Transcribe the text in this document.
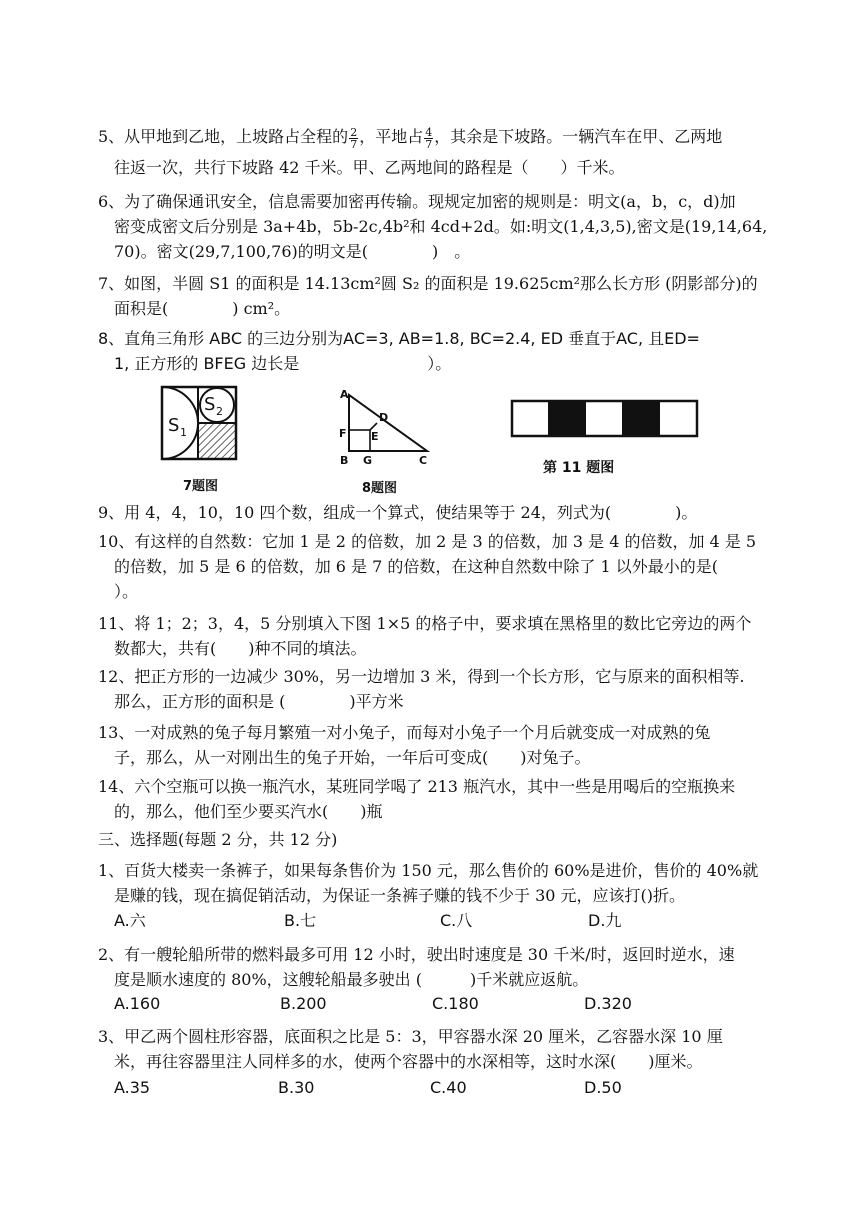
5、从甲地到乙地，上坡路占全程的 $\frac{2}{7}$ ，平地占 $\frac{4}{7}$ ，其余是下坡路。一辆汽车在甲、乙两地
往返一次，共行下坡路 42 千米。甲、乙两地间的路程是（　　）千米。
6、为了确保通讯安全，信息需要加密再传输。现规定加密的规则是：明文(a，b，c，d)加
密变成密文后分别是 3a+4b，5b-2c,4b²和 4cd+2d。如:明文(1,4,3,5),密文是(19,14,64,
70)。密文(29,7,100,76)的明文是(　　　　)　。
7、如图，半圆 S1 的面积是 14.13cm²圆 S₂ 的面积是 19.625cm²那么长方形 (阴影部分)的
面积是(　　　　) cm²。
8、直角三角形 ABC 的三边分别为AC=3, AB=1.8, BC=2.4, ED 垂直于AC, 且ED=
1, 正方形的 BFEG 边长是　　　　　　　　）。
S 1
S 2
7题图
A
D
F E
B G	C
8题图
第 11 题图
9、用 4，4，10，10 四个数，组成一个算式，使结果等于 24，列式为(　　　　)。
10、有这样的自然数：它加 1 是 2 的倍数，加 2 是 3 的倍数，加 3 是 4 的倍数，加 4 是 5
的倍数，加 5 是 6 的倍数，加 6 是 7 的倍数，在这种自然数中除了 1 以外最小的是(
）。
11、将 1；2；3，4，5 分别填入下图 1×5 的格子中，要求填在黑格里的数比它旁边的两个
数都大，共有(　　)种不同的填法。
12、把正方形的一边减少 30%，另一边增加 3 米，得到一个长方形，它与原来的面积相等.
那么，正方形的面积是 (　　　　)平方米
13、一对成熟的兔子每月繁殖一对小兔子，而每对小兔子一个月后就变成一对成熟的兔
子，那么，从一对刚出生的兔子开始，一年后可变成(　　)对兔子。
14、六个空瓶可以换一瓶汽水，某班同学喝了 213 瓶汽水，其中一些是用喝后的空瓶换来
的，那么，他们至少要买汽水(　　)瓶
三、选择题(每题 2 分，共 12 分)
1、百货大楼卖一条裤子，如果每条售价为 150 元，那么售价的 60%是进价，售价的 40%就
是赚的钱，现在搞促销活动，为保证一条裤子赚的钱不少于 30 元，应该打()折。
A.六	B.七	C.八	D.九
2、有一艘轮船所带的燃料最多可用 12 小时，驶出时速度是 30 千米/时，返回时逆水，速
度是顺水速度的 80%，这艘轮船最多驶出 (　　　)千米就应返航。
A.160	B.200	C.180	D.320
3、甲乙两个圆柱形容器，底面积之比是 5：3，甲容器水深 20 厘米，乙容器水深 10 厘
米，再往容器里注人同样多的水，使两个容器中的水深相等，这时水深(　　)厘米。
A.35	B.30	C.40	D.50
